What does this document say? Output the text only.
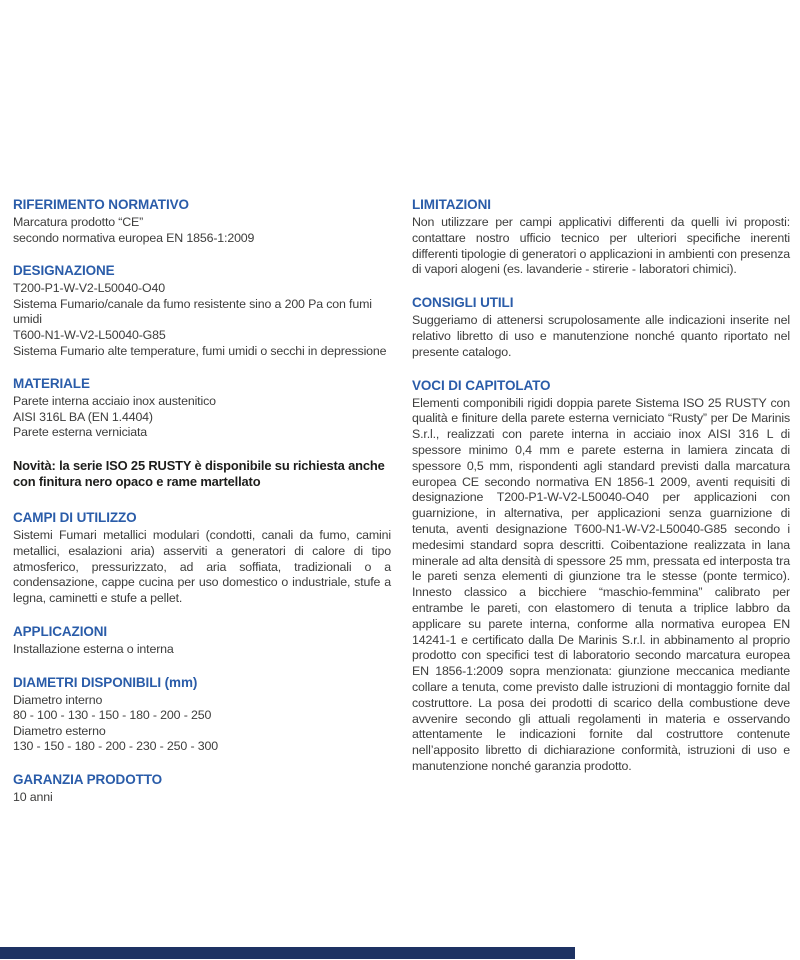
RIFERIMENTO NORMATIVO
Marcatura prodotto “CE”
secondo normativa europea EN 1856-1:2009
DESIGNAZIONE
T200-P1-W-V2-L50040-O40
Sistema Fumario/canale da fumo resistente sino a 200 Pa con fumi umidi
T600-N1-W-V2-L50040-G85
Sistema Fumario alte temperature, fumi umidi o secchi in depressione
MATERIALE
Parete interna acciaio inox austenitico
AISI 316L BA (EN 1.4404)
Parete esterna verniciata

Novità: la serie ISO 25 RUSTY è disponibile su richiesta anche con finitura nero opaco e rame martellato

CAMPI DI UTILIZZO

Sistemi Fumari metallici modulari (condotti, canali da fumo, camini metallici, esalazioni aria) asserviti a generatori di calore di tipo atmosferico, pressurizzato, ad aria soffiata, tradizionali o a condensazione, cappe cucina per uso domestico o industriale, stufe a legna, caminetti e stufe a pellet.

APPLICAZIONI
Installazione esterna o interna
DIAMETRI DISPONIBILI (mm)
Diametro interno
80 - 100 - 130 - 150 - 180 - 200 - 250
Diametro esterno
130 - 150 - 180 - 200 - 230 - 250 - 300
GARANZIA PRODOTTO
10 anni
LIMITAZIONI

Non utilizzare per campi applicativi differenti da quelli ivi proposti: contattare nostro ufficio tecnico per ulteriori specifiche inerenti differenti tipologie di generatori o applicazioni in ambienti con presenza di vapori alogeni (es. lavanderie - stirerie - laboratori chimici).

CONSIGLI UTILI

Suggeriamo di attenersi scrupolosamente alle indicazioni inserite nel relativo libretto di uso e manutenzione nonché quanto riportato nel presente catalogo.

VOCI DI CAPITOLATO

Elementi componibili rigidi doppia parete Sistema ISO 25 RUSTY con qualità e finiture della parete esterna verniciato “Rusty” per De Marinis S.r.l., realizzati con parete interna in acciaio inox AISI 316 L di spessore minimo 0,4 mm e parete esterna in lamiera zincata di spessore 0,5 mm, rispondenti agli standard previsti dalla marcatura europea CE secondo normativa EN 1856-1 2009, aventi requisiti di designazione T200-P1-W-V2-L50040-O40 per applicazioni con guarnizione, in alternativa, per applicazioni senza guarnizione di tenuta, aventi designazione T600-N1-W-V2-L50040-G85 secondo i medesimi standard sopra descritti. Coibentazione realizzata in lana minerale ad alta densità di spessore 25 mm, pressata ed interposta tra le pareti senza elementi di giunzione tra le stesse (ponte termico). Innesto classico a bicchiere “maschio-femmina” calibrato per entrambe le pareti, con elastomero di tenuta a triplice labbro da applicare su parete interna, conforme alla normativa europea EN 14241-1 e certificato dalla De Marinis S.r.l. in abbinamento al proprio prodotto con specifici test di laboratorio secondo marcatura europea EN 1856-1:2009 sopra menzionata: giunzione meccanica mediante collare a tenuta, come previsto dalle istruzioni di montaggio fornite dal costruttore. La posa dei prodotti di scarico della combustione deve avvenire secondo gli attuali regolamenti in materia e osservando attentamente le indicazioni fornite dal costruttore contenute nell’apposito libretto di dichiarazione conformità, istruzioni di uso e manutenzione nonché garanzia prodotto.
